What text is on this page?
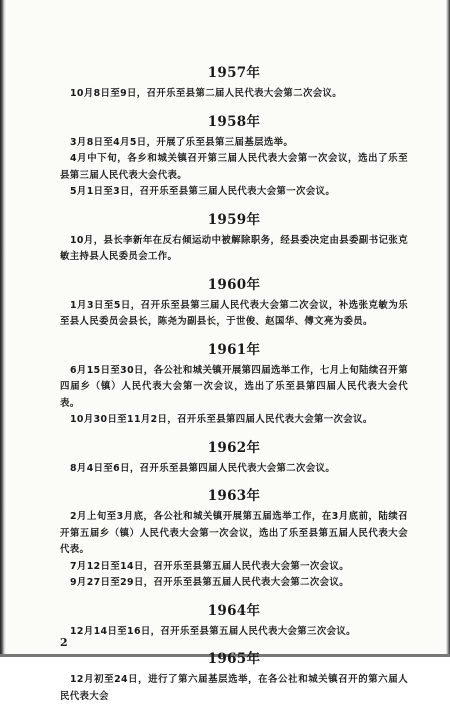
1957年

10月8日至9日，召开乐至县第二届人民代表大会第二次会议。

1958年

3月8日至4月5日，开展了乐至县第三届基层选举。

4月中下旬，各乡和城关镇召开第三届人民代表大会第一次会议，选出了乐至县第三届人民代表大会代表。

5月1日至3日，召开乐至县第三届人民代表大会第一次会议。

1959年

10月，县长李新年在反右倾运动中被解除职务，经县委决定由县委副书记张克敏主持县人民委员会工作。

1960年

1月3日至5日，召开乐至县第三届人民代表大会第二次会议，补选张克敏为乐至县人民委员会县长，陈尧为副县长，于世俊、赵国华、傅文亮为委员。

1961年

6月15日至30日，各公社和城关镇开展第四届选举工作，七月上旬陆续召开第四届乡（镇）人民代表大会第一次会议，选出了乐至县第四届人民代表大会代表。

10月30日至11月2日，召开乐至县第四届人民代表大会第一次会议。

1962年

8月4日至6日，召开乐至县第四届人民代表大会第二次会议。

1963年

2月上旬至3月底，各公社和城关镇开展第五届选举工作，在3月底前，陆续召开第五届乡（镇）人民代表大会第一次会议，选出了乐至县第五届人民代表大会代表。

7月12日至14日，召开乐至县第五届人民代表大会第一次会议。

9月27日至29日，召开乐至县第五届人民代表大会第二次会议。

1964年

12月14日至16日，召开乐至县第五届人民代表大会第三次会议。

1965年

12月初至24日，进行了第六届基层选举，在各公社和城关镇召开的第六届人民代表大会

2
